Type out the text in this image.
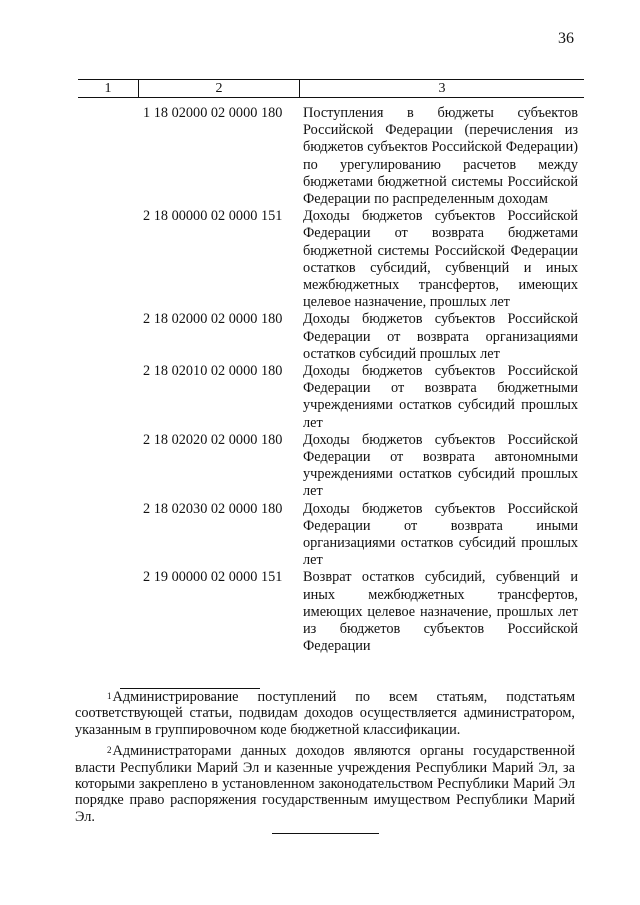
36
1	2	3
1 18 02000 02 0000 180	Поступления в бюджеты субъектов Российской Федерации (перечисления из бюджетов субъектов Российской Федерации) по урегулированию расчетов между бюджетами бюджетной системы Российской Федерации по распределенным доходам
2 18 00000 02 0000 151	Доходы бюджетов субъектов Российской Федерации от возврата бюджетами бюджетной системы Российской Федерации остатков субсидий, субвенций и иных межбюджетных трансфертов, имеющих целевое назначение, прошлых лет
2 18 02000 02 0000 180	Доходы бюджетов субъектов Российской Федерации от возврата организациями остатков субсидий прошлых лет
2 18 02010 02 0000 180	Доходы бюджетов субъектов Российской Федерации от возврата бюджетными учреждениями остатков субсидий прошлых лет
2 18 02020 02 0000 180	Доходы бюджетов субъектов Российской Федерации от возврата автономными учреждениями остатков субсидий прошлых лет
2 18 02030 02 0000 180	Доходы бюджетов субъектов Российской Федерации от возврата иными организациями остатков субсидий прошлых лет
2 19 00000 02 0000 151	Возврат остатков субсидий, субвенций и иных межбюджетных трансфертов, имеющих целевое назначение, прошлых лет из бюджетов субъектов Российской Федерации

$^1$Администрирование поступлений по всем статьям, подстатьям соответствующей статьи, подвидам доходов осуществляется администратором, указанным в группировочном коде бюджетной классификации.

$^2$Администраторами данных доходов являются органы государственной власти Республики Марий Эл и казенные учреждения Республики Марий Эл, за которыми закреплено в установленном законодательством Республики Марий Эл порядке право распоряжения государственным имуществом Республики Марий Эл.
